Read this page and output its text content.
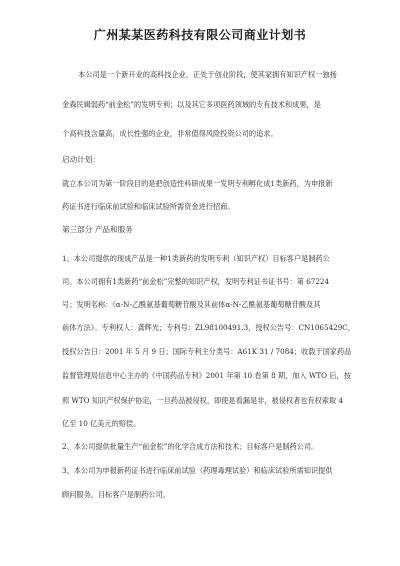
广州某某医药科技有限公司商业计划书
本公司是一个新开业的高科技企业，正处于创业阶段，使其家拥有知识产权一独扬
金森民辑弱药“前金松”的发明专利；以及其它多项医药领域的专有技术和成果，是
个高科技含量高，成长性强的企业，非常值得风险投资公司的追求。
启动计划：
就立本公司为第一阶段目的是把创造性科研成果一发明专利孵化成1类新药，为申报新
药证书进行临床前试验和临床试验所需资金进行招商。
第三部分 产品和服务
1、本公司提供的现成产品是一种1类新药的发明专利（知识产权）目标客户是制药公
司。本公司拥有1类新药“前金松”完整的知识产权，发明专利证书证书号：第 67224
号；发明名称：《α-N-乙酰氨基葡萄糖苷酸及其前体α-N-乙酰氨基葡萄糖苷酸及其
前体方法》。专利权人：龚辉光；专利号：ZL98100491.3，授权公告号：CN1065429C，
授权公告日：2001 年 5 月 9 日；国际专利主分类号：A61K 31 / 7084；收载于国家药品
监督管理局信息中心主办的《中国药品专利》2001 年第 10 卷第 8 期，加入 WTO 后，按
照 WTO 知识产权保护协定，一旦药品被侵权，即使是看漏是非，被侵权者也有权索取 4
亿至 10 亿美元的赔偿。
2、本公司提供批量生产“前金松”的化学合成方法和技术；目标客户是制药公司。
3、本公司为申报新药证书进行临床前试验（药理毒理试验）和临床试验所需知识提供
顾问服务，目标客户是制药公司。
